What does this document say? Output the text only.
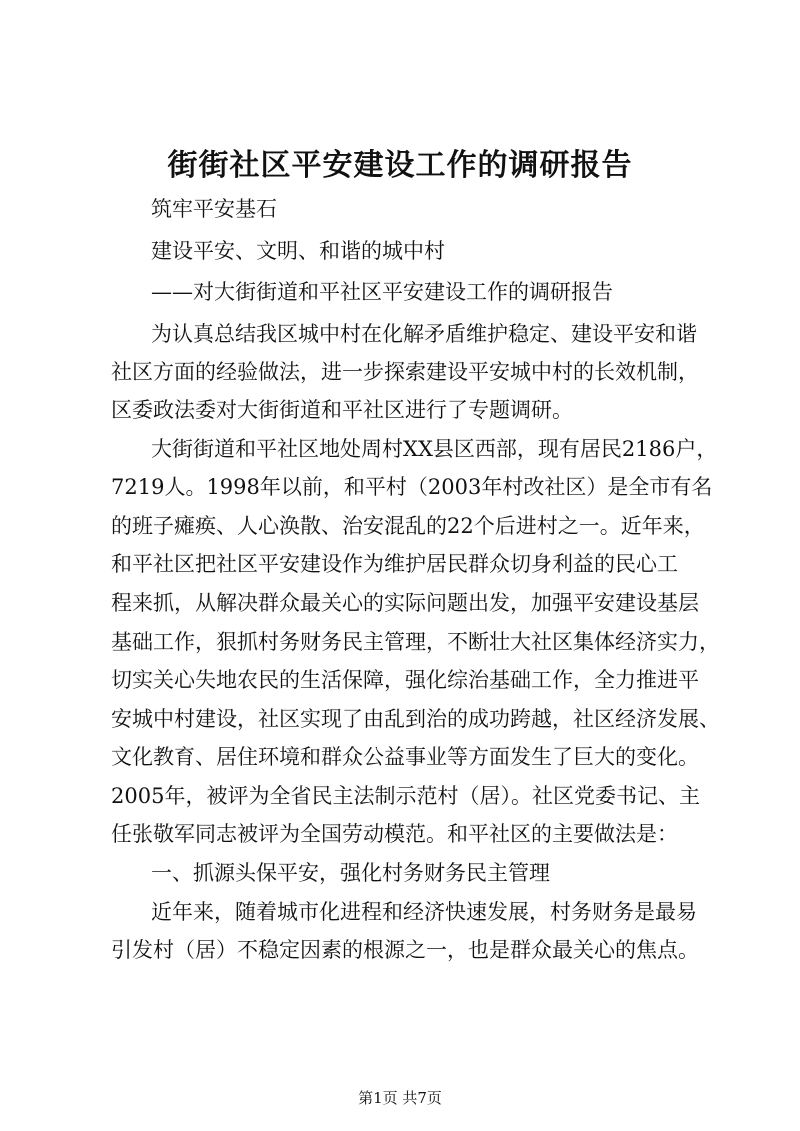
街街社区平安建设工作的调研报告
筑牢平安基石
建设平安、文明、和谐的城中村
——对大街街道和平社区平安建设工作的调研报告
为认真总结我区城中村在化解矛盾维护稳定、建设平安和谐
社区方面的经验做法，进一步探索建设平安城中村的长效机制，
区委政法委对大街街道和平社区进行了专题调研。
大街街道和平社区地处周村XX县区西部，现有居民2186户，
7219人。1998年以前，和平村（2003年村改社区）是全市有名
的班子瘫痪、人心涣散、治安混乱的22个后进村之一。近年来，
和平社区把社区平安建设作为维护居民群众切身利益的民心工
程来抓，从解决群众最关心的实际问题出发，加强平安建设基层
基础工作，狠抓村务财务民主管理，不断壮大社区集体经济实力，
切实关心失地农民的生活保障，强化综治基础工作，全力推进平
安城中村建设，社区实现了由乱到治的成功跨越，社区经济发展、
文化教育、居住环境和群众公益事业等方面发生了巨大的变化。
2005年，被评为全省民主法制示范村（居）。社区党委书记、主
任张敬军同志被评为全国劳动模范。和平社区的主要做法是：
一、抓源头保平安，强化村务财务民主管理
近年来，随着城市化进程和经济快速发展，村务财务是最易
引发村（居）不稳定因素的根源之一，也是群众最关心的焦点。
第1页 共7页
